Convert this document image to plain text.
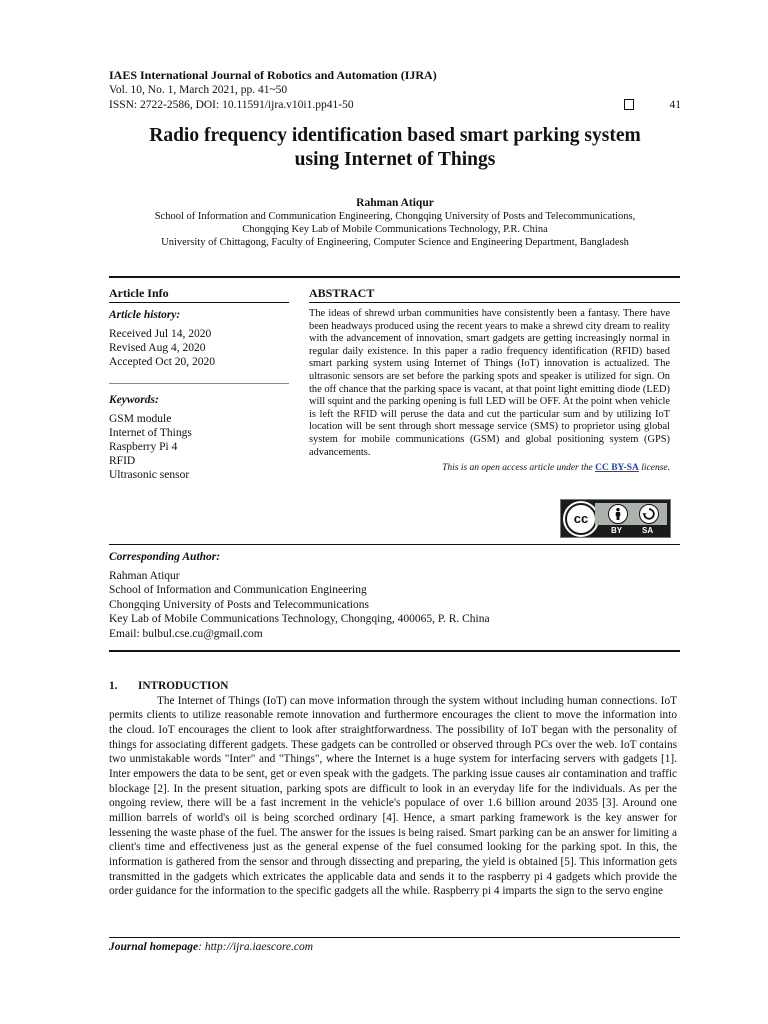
IAES International Journal of Robotics and Automation (IJRA)
Vol. 10, No. 1, March 2021, pp. 41~50
ISSN: 2722-2586, DOI: 10.11591/ijra.v10i1.pp41-50	41
Radio frequency identification based smart parking system
using Internet of Things
Rahman Atiqur
School of Information and Communication Engineering, Chongqing University of Posts and Telecommunications,
Chongqing Key Lab of Mobile Communications Technology, P.R. China
University of Chittagong, Faculty of Engineering, Computer Science and Engineering Department, Bangladesh
Article Info
Article history:
Received Jul 14, 2020
Revised Aug 4, 2020
Accepted Oct 20, 2020
Keywords:
GSM module
Internet of Things
Raspberry Pi 4
RFID
Ultrasonic sensor
ABSTRACT
The ideas of shrewd urban communities have consistently been a fantasy. There have been headways produced using the recent years to make a shrewd city dream to reality with the advancement of innovation, smart gadgets are getting increasingly normal in regular daily existence. In this paper a radio frequency identification (RFID) based smart parking system using Internet of Things (IoT) innovation is actualized. The ultrasonic sensors are set before the parking spots and speaker is utilized for sign. On the off chance that the parking space is vacant, at that point light emitting diode (LED) will squint and the parking opening is full LED will be OFF. At the point when vehicle is left the RFID will peruse the data and cut the particular sum and by utilizing IoT location will be sent through short message service (SMS) to proprietor using global system for mobile communications (GSM) and global positioning system (GPS) advancements.
This is an open access article under the CC BY-SA license.
cc
BY SA
Corresponding Author:
Rahman Atiqur
School of Information and Communication Engineering
Chongqing University of Posts and Telecommunications
Key Lab of Mobile Communications Technology, Chongqing, 400065, P. R. China
Email: bulbul.cse.cu@gmail.com
1. INTRODUCTION

The Internet of Things (IoT) can move information through the system without including human connections. IoT permits clients to utilize reasonable remote innovation and furthermore encourages the client to move the information into the cloud. IoT encourages the client to look after straightforwardness. The possibility of IoT began with the personality of things for associating different gadgets. These gadgets can be controlled or observed through PCs over the web. IoT contains two unmistakable words "Inter" and "Things", where the Internet is a huge system for interfacing servers with gadgets [1]. Inter empowers the data to be sent, get or even speak with the gadgets. The parking issue causes air contamination and traffic blockage [2]. In the present situation, parking spots are difficult to look in an everyday life for the individuals. As per the ongoing review, there will be a fast increment in the vehicle's populace of over 1.6 billion around 2035 [3]. Around one million barrels of world's oil is being scorched ordinary [4]. Hence, a smart parking framework is the key answer for lessening the waste phase of the fuel. The answer for the issues is being raised. Smart parking can be an answer for limiting a client's time and effectiveness just as the general expense of the fuel consumed looking for the parking spot. In this, the information is gathered from the sensor and through dissecting and preparing, the yield is obtained [5]. This information gets transmitted in the gadgets which extricates the applicable data and sends it to the raspberry pi 4 gadgets which provide the order guidance for the information to the specific gadgets all the while. Raspberry pi 4 imparts the sign to the servo engine

Journal homepage: http://ijra.iaescore.com
